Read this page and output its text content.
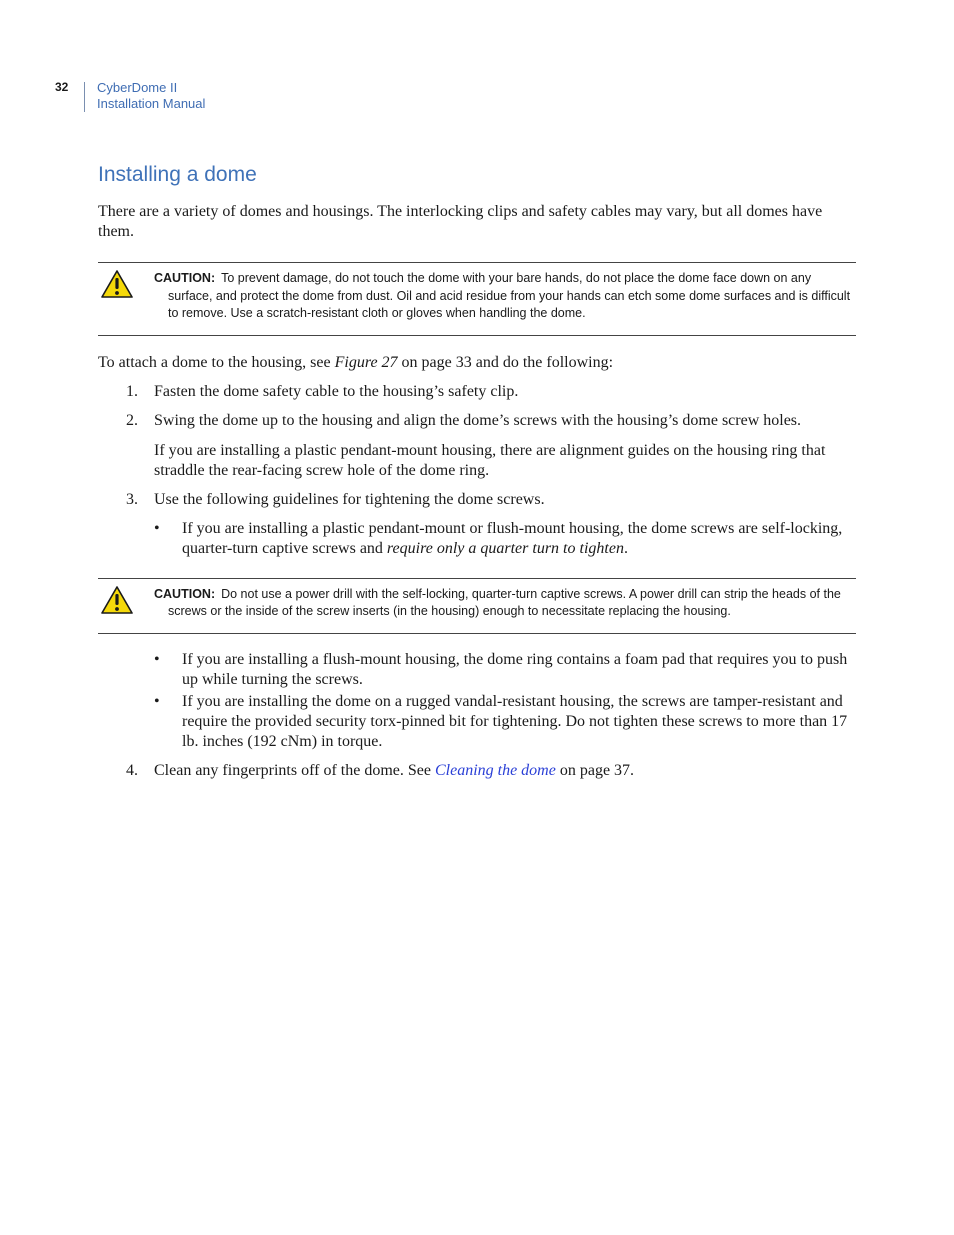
32	CyberDome II
Installation Manual
Installing a dome

There are a variety of domes and housings. The interlocking clips and safety cables may vary, but all domes have them.

CAUTION: To prevent damage, do not touch the dome with your bare hands, do not place the dome face down on any surface, and protect the dome from dust. Oil and acid residue from your hands can etch some dome surfaces and is difficult to remove. Use a scratch-resistant cloth or gloves when handling the dome.

To attach a dome to the housing, see Figure 27 on page 33 and do the following:

1. Fasten the dome safety cable to the housing’s safety clip.

2. Swing the dome up to the housing and align the dome’s screws with the housing’s dome screw holes.

If you are installing a plastic pendant-mount housing, there are alignment guides on the housing ring that straddle the rear-facing screw hole of the dome ring.

3. Use the following guidelines for tightening the dome screws.

• If you are installing a plastic pendant-mount or flush-mount housing, the dome screws are self-locking, quarter-turn captive screws and require only a quarter turn to tighten.

CAUTION: Do not use a power drill with the self-locking, quarter-turn captive screws. A power drill can strip the heads of the screws or the inside of the screw inserts (in the housing) enough to necessitate replacing the housing.

• If you are installing a flush-mount housing, the dome ring contains a foam pad that requires you to push up while turning the screws.

• If you are installing the dome on a rugged vandal-resistant housing, the screws are tamper-resistant and require the provided security torx-pinned bit for tightening. Do not tighten these screws to more than 17 lb. inches (192 cNm) in torque.

4. Clean any fingerprints off of the dome. See Cleaning the dome on page 37.
